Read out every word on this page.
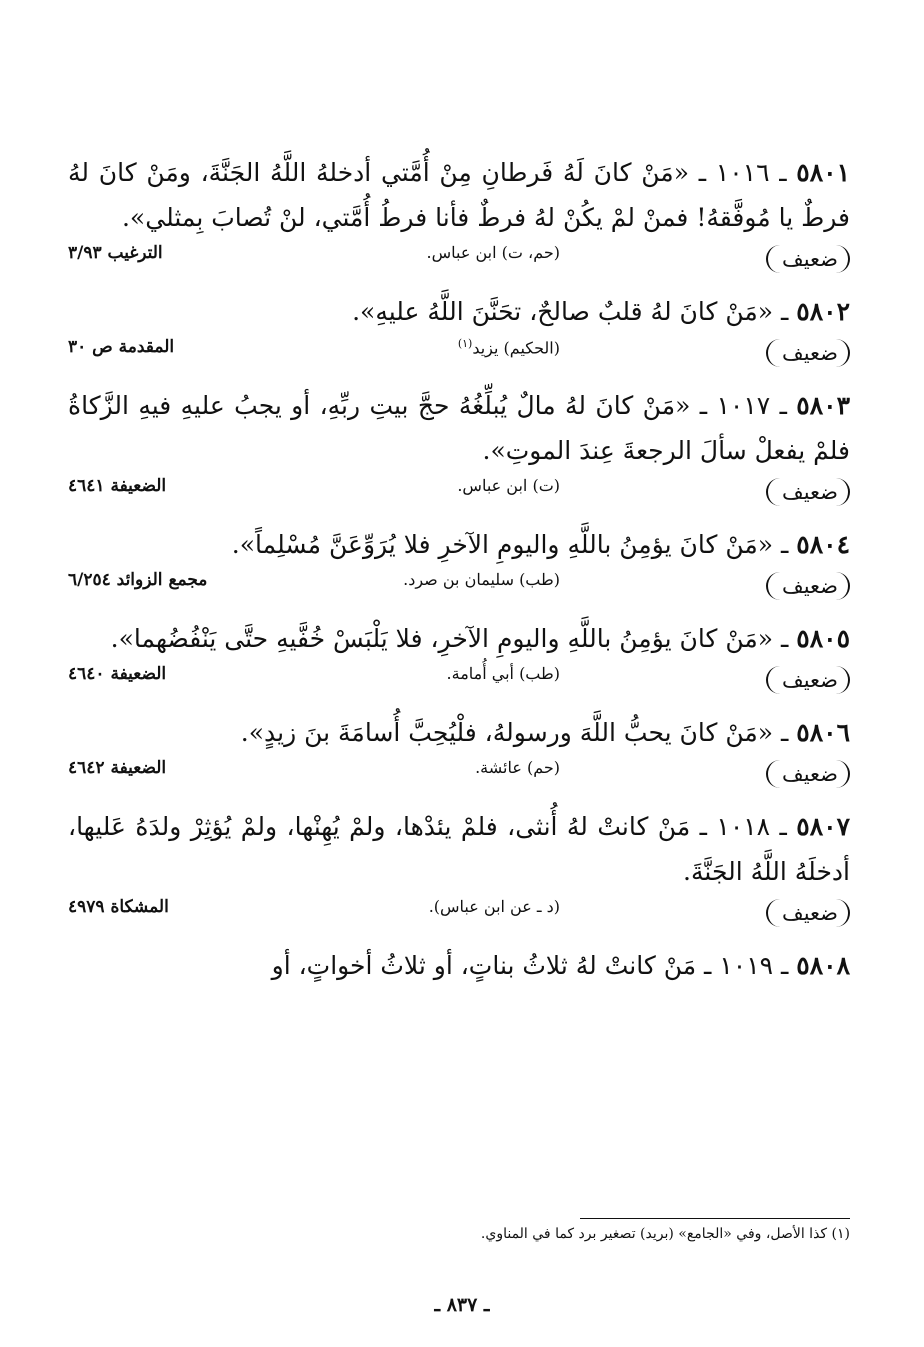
٥٨٠١ ـ ١٠١٦ ـ «مَنْ كانَ لَهُ فَرطانِ مِنْ أُمَّتي أدخلهُ اللَّهُ الجَنَّةَ، ومَنْ كانَ لهُ فرطٌ يا مُوفَّقهُ! فمنْ لمْ يكُنْ لهُ فرطٌ فأنا فرطُ أُمَّتي، لنْ تُصابَ بِمثلي».

ضعيف
(حم، ت) ابن عباس.
الترغيب ٣/٩٣

٥٨٠٢ ـ «مَنْ كانَ لهُ قلبٌ صالحٌ، تحَنَّنَ اللَّهُ عليهِ».

ضعيف
(الحكيم) يزيد$^{(١)}$
المقدمة ص ٣٠

٥٨٠٣ ـ ١٠١٧ ـ «مَنْ كانَ لهُ مالٌ يُبلِّغُهُ حجَّ بيتِ ربِّهِ، أو يجبُ عليهِ فيهِ الزَّكاةُ فلمْ يفعلْ سألَ الرجعةَ عِندَ الموتِ».

ضعيف
(ت) ابن عباس.
الضعيفة ٤٦٤١

٥٨٠٤ ـ «مَنْ كانَ يؤمِنُ باللَّهِ واليومِ الآخرِ فلا يُرَوِّعَنَّ مُسْلِماً».

ضعيف
(طب) سليمان بن صرد.
مجمع الزوائد ٦/٢٥٤

٥٨٠٥ ـ «مَنْ كانَ يؤمِنُ باللَّهِ واليومِ الآخرِ، فلا يَلْبَسْ خُفَّيهِ حتَّى يَنْفُضُهما».

ضعيف
(طب) أبي أُمامة.
الضعيفة ٤٦٤٠

٥٨٠٦ ـ «مَنْ كانَ يحبُّ اللَّهَ ورسولهُ، فلْيُحِبَّ أُسامَةَ بنَ زيدٍ».

ضعيف
(حم) عائشة.
الضعيفة ٤٦٤٢

٥٨٠٧ ـ ١٠١٨ ـ مَنْ كانتْ لهُ أُنثى، فلمْ يئدْها، ولمْ يُهِنْها، ولمْ يُؤثِرْ ولدَهُ عَليها، أدخلَهُ اللَّهُ الجَنَّةَ.

ضعيف
(د ـ عن ابن عباس).
المشكاة ٤٩٧٩

٥٨٠٨ ـ ١٠١٩ ـ مَنْ كانتْ لهُ ثلاثُ بناتٍ، أو ثلاثُ أخواتٍ، أو

(١) كذا الأصل، وفي «الجامع» (بريد) تصغير برد كما في المناوي.
ـ ٨٣٧ ـ
